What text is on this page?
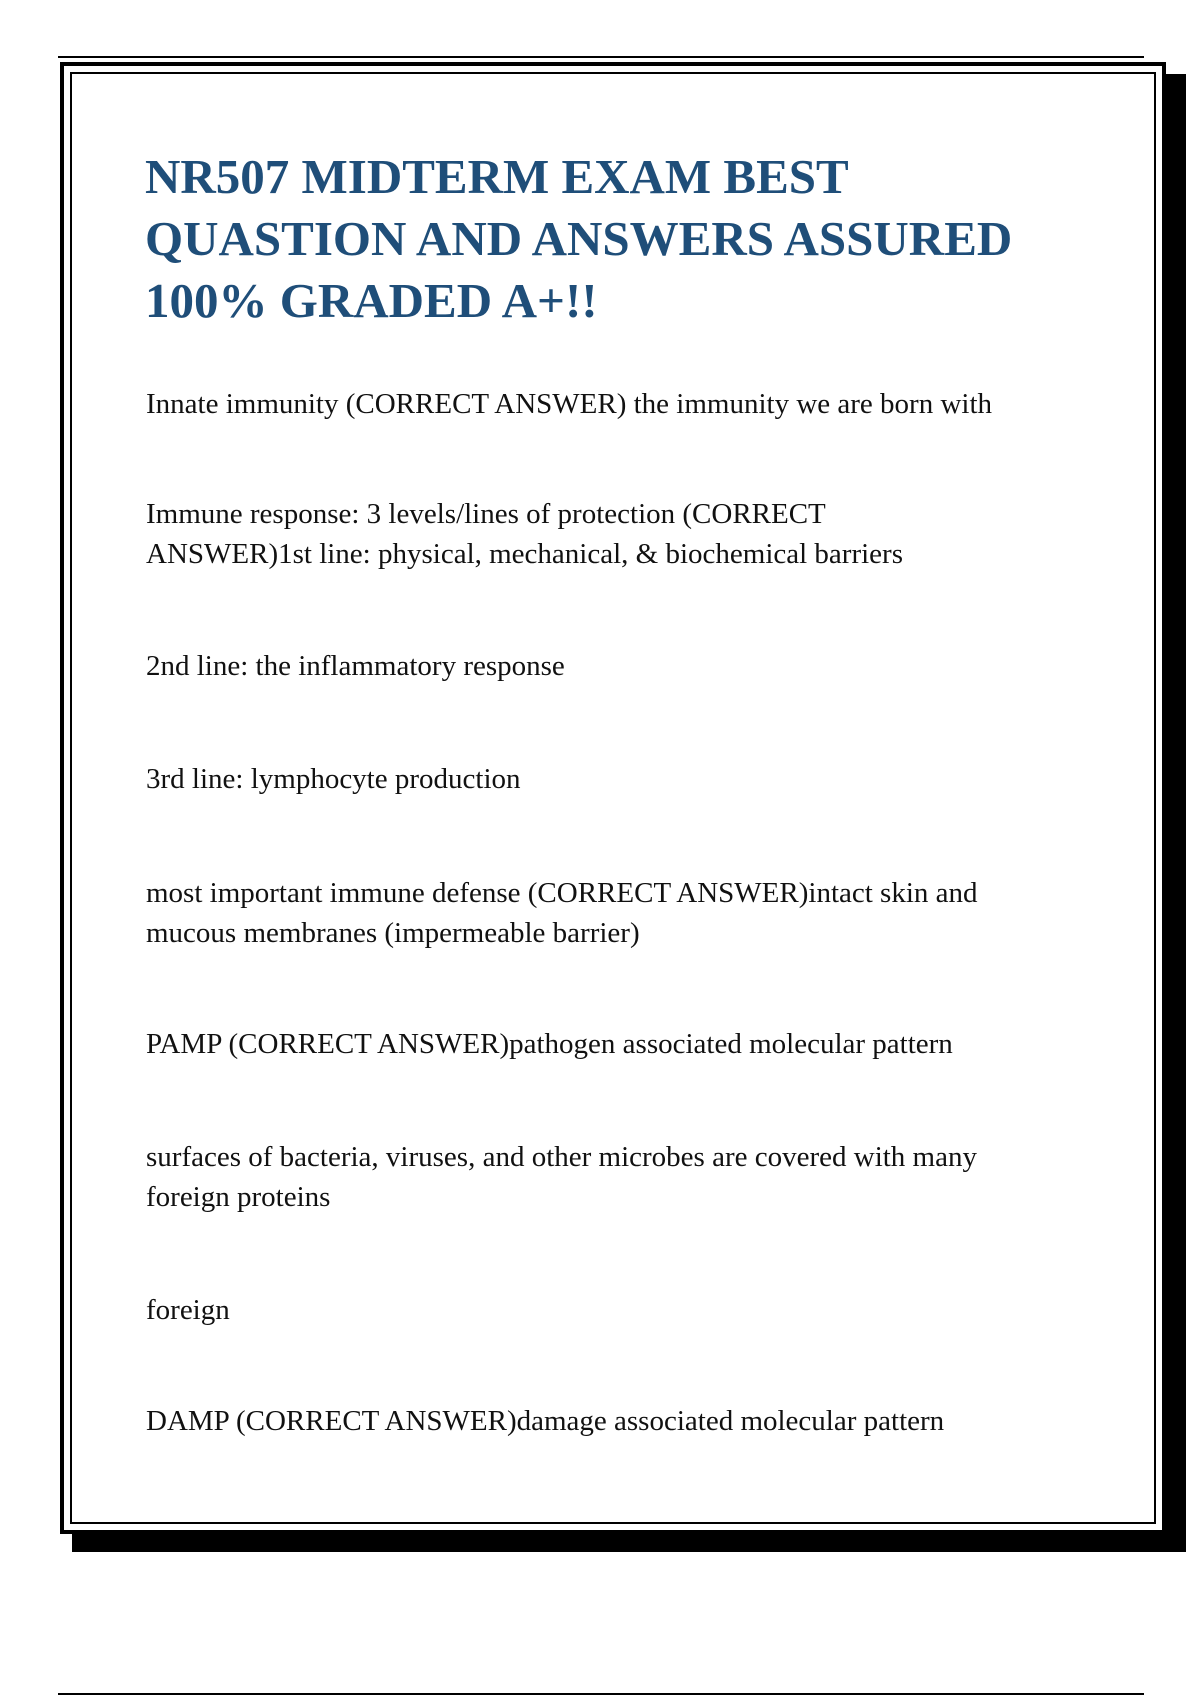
NR507 MIDTERM EXAM BEST
QUASTION AND ANSWERS ASSURED
100% GRADED A+!!

Innate immunity (CORRECT ANSWER) the immunity we are born with

Immune response: 3 levels/lines of protection (CORRECT
ANSWER)1st line: physical, mechanical, & biochemical barriers

2nd line: the inflammatory response

3rd line: lymphocyte production

most important immune defense (CORRECT ANSWER)intact skin and
mucous membranes (impermeable barrier)

PAMP (CORRECT ANSWER)pathogen associated molecular pattern

surfaces of bacteria, viruses, and other microbes are covered with many
foreign proteins

foreign

DAMP (CORRECT ANSWER)damage associated molecular pattern
